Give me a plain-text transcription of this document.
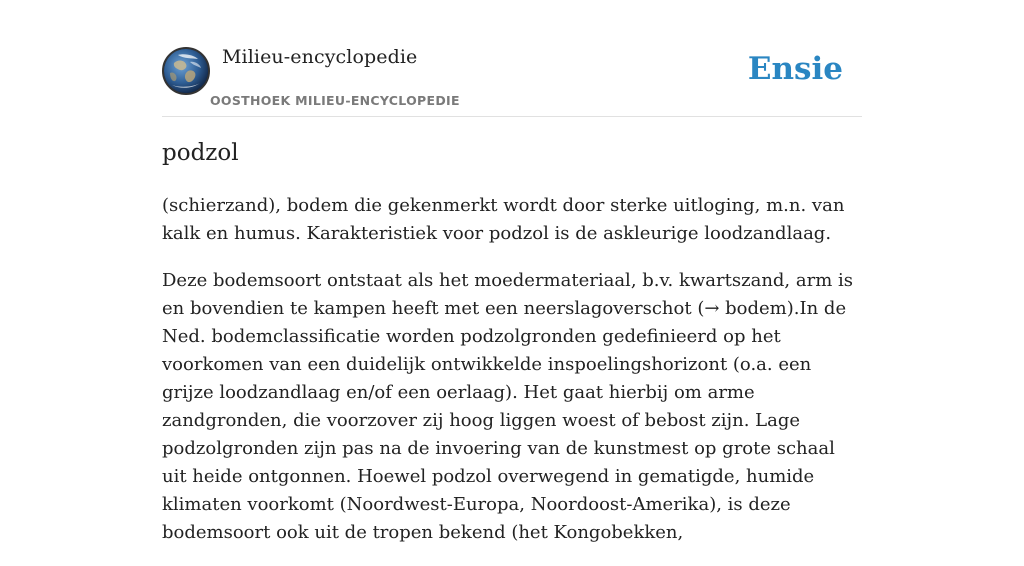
Milieu-encyclopedie
OOSTHOEK MILIEU-ENCYCLOPEDIE
Ensie
podzol

(schierzand), bodem die gekenmerkt wordt door sterke uitloging, m.n. van kalk en humus. Karakteristiek voor podzol is de askleurige loodzandlaag.

Deze bodemsoort ontstaat als het moedermateriaal, b.v. kwartszand, arm is en bovendien te kampen heeft met een neerslagoverschot (→ bodem).In de Ned. bodemclassificatie worden podzolgronden gedefinieerd op het voorkomen van een duidelijk ontwikkelde inspoelingshorizont (o.a. een grijze loodzandlaag en/of een oerlaag). Het gaat hierbij om arme zandgronden, die voorzover zij hoog liggen woest of bebost zijn. Lage podzolgronden zijn pas na de invoering van de kunstmest op grote schaal uit heide ontgonnen. Hoewel podzol overwegend in gematigde, humide klimaten voorkomt (Noordwest-Europa, Noordoost-Amerika), is deze bodemsoort ook uit de tropen bekend (het Kongobekken,
